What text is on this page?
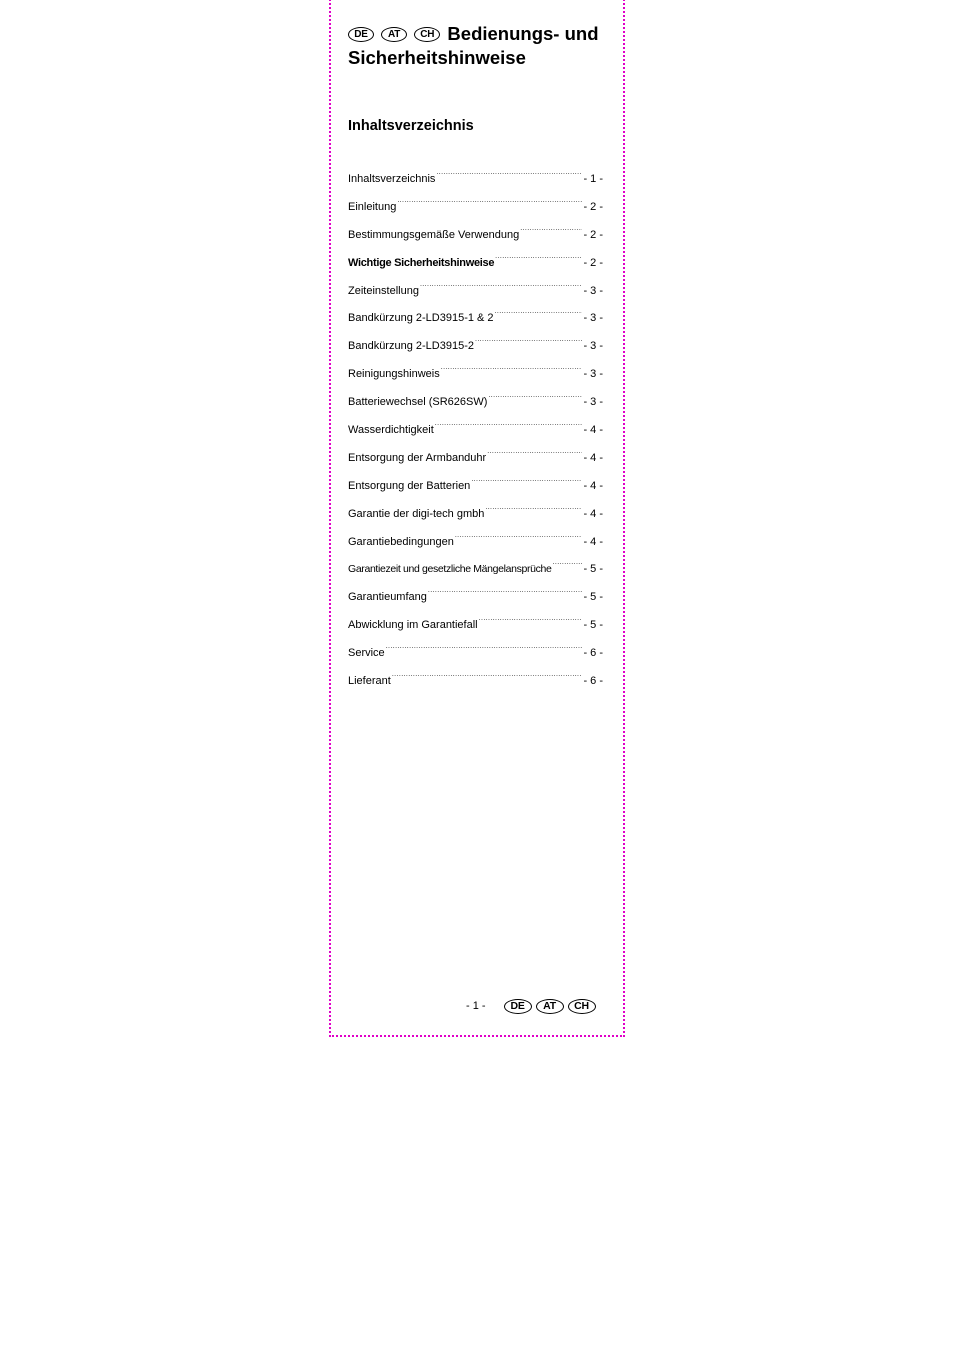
DE AT CH Bedienungs- und
Sicherheitshinweise
Inhaltsverzeichnis
Inhaltsverzeichnis .....	- 1 -
Einleitung .....	- 2 -
Bestimmungsgemäße Verwendung .....	- 2 -
Wichtige Sicherheitshinweise .....	- 2 -
Zeiteinstellung .....	- 3 -
Bandkürzung 2-LD3915-1 & 2 .....	- 3 -
Bandkürzung 2-LD3915-2 .....	- 3 -
Reinigungshinweis .....	- 3 -
Batteriewechsel (SR626SW) .....	- 3 -
Wasserdichtigkeit .....	- 4 -
Entsorgung der Armbanduhr .....	- 4 -
Entsorgung der Batterien .....	- 4 -
Garantie der digi-tech gmbh .....	- 4 -
Garantiebedingungen .....	- 4 -
Garantiezeit und gesetzliche Mängelansprüche .....	- 5 -
Garantieumfang .....	- 5 -
Abwicklung im Garantiefall .....	- 5 -
Service .....	- 6 -
Lieferant .....	- 6 -
- 1 -	DE	AT	CH
